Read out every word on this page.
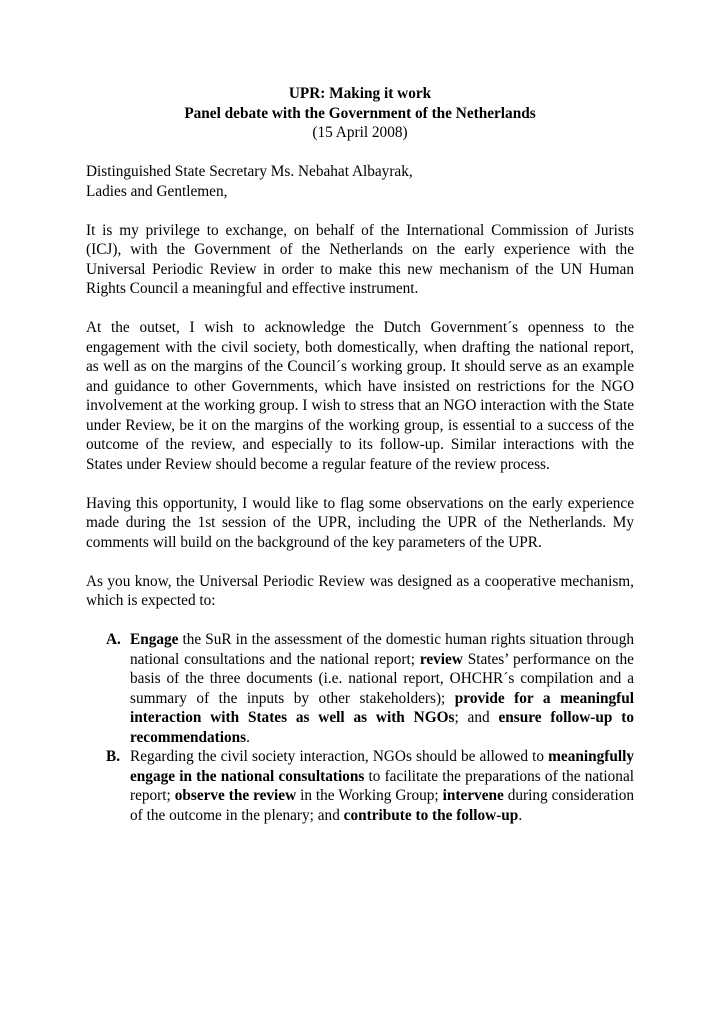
UPR: Making it work
Panel debate with the Government of the Netherlands
(15 April 2008)
Distinguished State Secretary Ms. Nebahat Albayrak,
Ladies and Gentlemen,

It is my privilege to exchange, on behalf of the International Commission of Jurists (ICJ), with the Government of the Netherlands on the early experience with the Universal Periodic Review in order to make this new mechanism of the UN Human Rights Council a meaningful and effective instrument.

At the outset, I wish to acknowledge the Dutch Government´s openness to the engagement with the civil society, both domestically, when drafting the national report, as well as on the margins of the Council´s working group. It should serve as an example and guidance to other Governments, which have insisted on restrictions for the NGO involvement at the working group. I wish to stress that an NGO interaction with the State under Review, be it on the margins of the working group, is essential to a success of the outcome of the review, and especially to its follow-up. Similar interactions with the States under Review should become a regular feature of the review process.

Having this opportunity, I would like to flag some observations on the early experience made during the 1st session of the UPR, including the UPR of the Netherlands. My comments will build on the background of the key parameters of the UPR.

As you know, the Universal Periodic Review was designed as a cooperative mechanism, which is expected to:

A. Engage the SuR in the assessment of the domestic human rights situation through national consultations and the national report; review States’ performance on the basis of the three documents (i.e. national report, OHCHR´s compilation and a summary of the inputs by other stakeholders); provide for a meaningful interaction with States as well as with NGOs; and ensure follow-up to recommendations.
B. Regarding the civil society interaction, NGOs should be allowed to meaningfully engage in the national consultations to facilitate the preparations of the national report; observe the review in the Working Group; intervene during consideration of the outcome in the plenary; and contribute to the follow-up.
